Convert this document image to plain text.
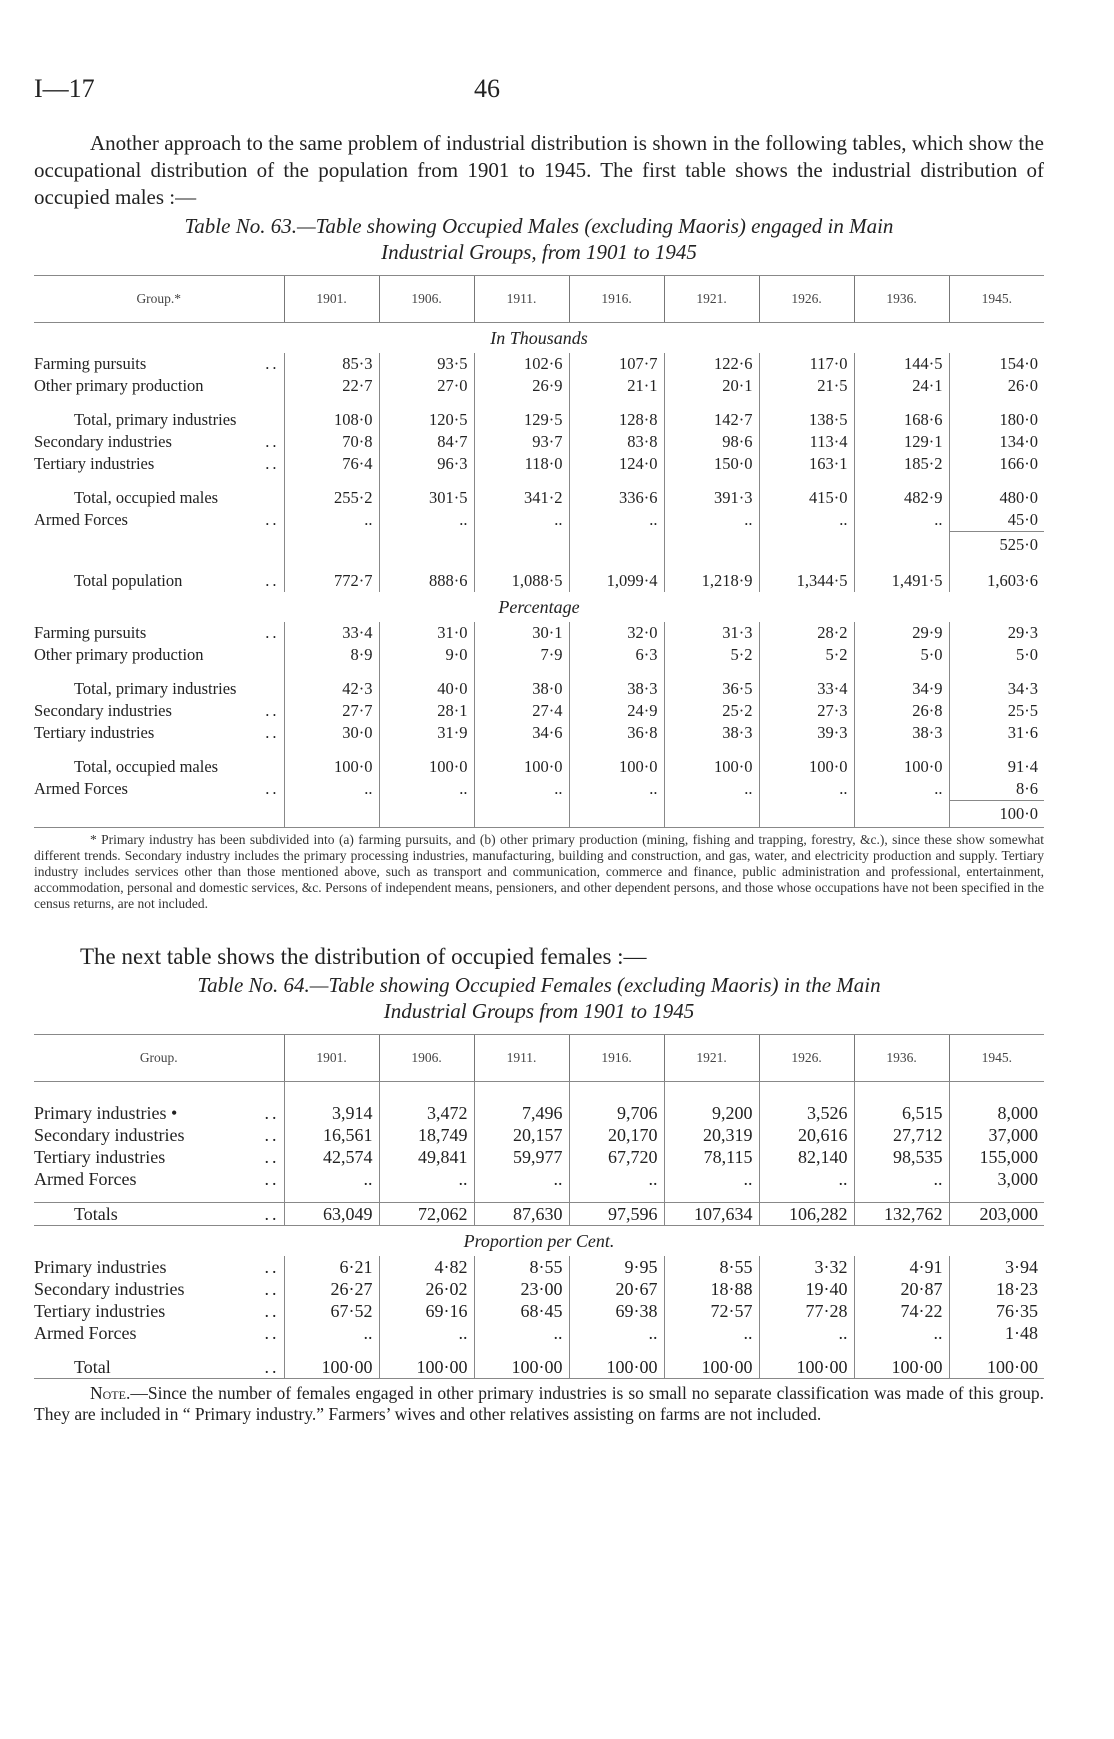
I—17	46
Another approach to the same problem of industrial distribution is shown in the following tables, which show the occupational distribution of the population from 1901 to 1945. The first table shows the industrial distribution of occupied males :—
Table No. 63.—Table showing Occupied Males (excluding Maoris) engaged in Main
Industrial Groups, from 1901 to 1945
Group.*	1901.	1906.	1911.	1916.	1921.	1926.	1936.	1945.
In Thousands								

..
Farming pursuits	85·3	93·5	102·6	107·7	122·6	117·0	144·5	154·0

Other primary production	22·7	27·0	26·9	21·1	20·1	21·5	24·1	26·0

Total, primary industries	108·0	120·5	129·5	128·8	142·7	138·5	168·6	180·0

..
Secondary industries	70·8	84·7	93·7	83·8	98·6	113·4	129·1	134·0

..
Tertiary industries	76·4	96·3	118·0	124·0	150·0	163·1	185·2	166·0

Total, occupied males	255·2	301·5	341·2	336·6	391·3	415·0	482·9	480·0

..
Armed Forces	..	..	..	..	..	..	..	45·0
								525·0

..
Total population	772·7	888·6	1,088·5	1,099·4	1,218·9	1,344·5	1,491·5	1,603·6
Percentage								

..
Farming pursuits	33·4	31·0	30·1	32·0	31·3	28·2	29·9	29·3

Other primary production	8·9	9·0	7·9	6·3	5·2	5·2	5·0	5·0

Total, primary industries	42·3	40·0	38·0	38·3	36·5	33·4	34·9	34·3

..
Secondary industries	27·7	28·1	27·4	24·9	25·2	27·3	26·8	25·5

..
Tertiary industries	30·0	31·9	34·6	36·8	38·3	39·3	38·3	31·6

Total, occupied males	100·0	100·0	100·0	100·0	100·0	100·0	100·0	91·4

..
Armed Forces	..	..	..	..	..	..	..	8·6
								100·0
* Primary industry has been subdivided into (a) farming pursuits, and (b) other primary production (mining, fishing and trapping, forestry, &c.), since these show somewhat different trends. Secondary industry includes the primary processing industries, manufacturing, building and construction, and gas, water, and electricity production and supply. Tertiary industry includes services other than those mentioned above, such as transport and communication, commerce and finance, public administration and professional, entertainment, accommodation, personal and domestic services, &c. Persons of independent means, pensioners, and other dependent persons, and those whose occupations have not been specified in the census returns, are not included.
The next table shows the distribution of occupied females :—
Table No. 64.—Table showing Occupied Females (excluding Maoris) in the Main
Industrial Groups from 1901 to 1945
Group.	1901.	1906.	1911.	1916.	1921.	1926.	1936.	1945.

..
Primary industries •	3,914	3,472	7,496	9,706	9,200	3,526	6,515	8,000

..
Secondary industries	16,561	18,749	20,157	20,170	20,319	20,616	27,712	37,000

..
Tertiary industries	42,574	49,841	59,977	67,720	78,115	82,140	98,535	155,000

..
Armed Forces	..	..	..	..	..	..	..	3,000

..
Totals	63,049	72,062	87,630	97,596	107,634	106,282	132,762	203,000
Proportion per Cent.								

..
Primary industries	6·21	4·82	8·55	9·95	8·55	3·32	4·91	3·94

..
Secondary industries	26·27	26·02	23·00	20·67	18·88	19·40	20·87	18·23

..
Tertiary industries	67·52	69·16	68·45	69·38	72·57	77·28	74·22	76·35

..
Armed Forces	..	..	..	..	..	..	..	1·48

..
Total	100·00	100·00	100·00	100·00	100·00	100·00	100·00	100·00
Note.—Since the number of females engaged in other primary industries is so small no separate classification was made of this group. They are included in “ Primary industry.” Farmers’ wives and other relatives assisting on farms are not included.
